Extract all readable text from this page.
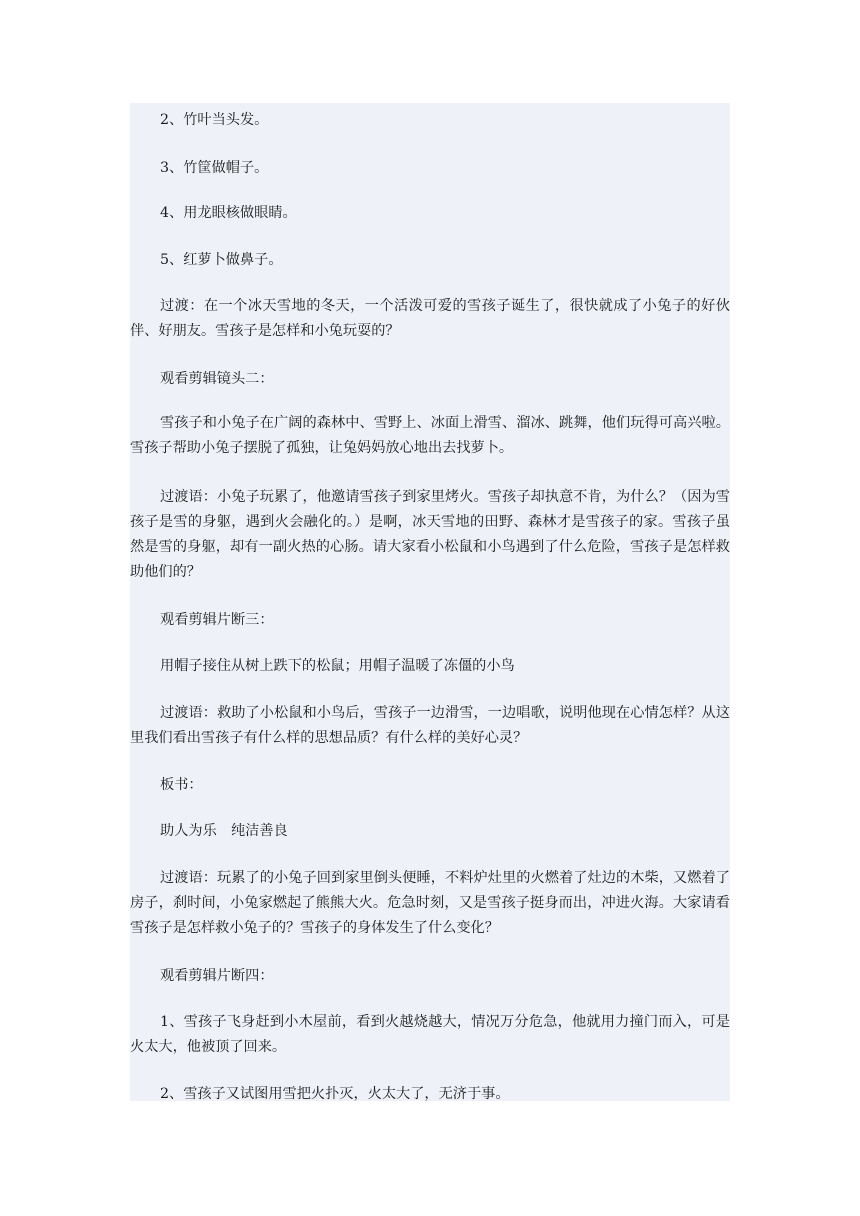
2、竹叶当头发。

3、竹筐做帽子。

4、用龙眼核做眼睛。

5、红萝卜做鼻子。

过渡：在一个冰天雪地的冬天，一个活泼可爱的雪孩子诞生了，很快就成了小兔子的好伙伴、好朋友。雪孩子是怎样和小兔玩耍的？

观看剪辑镜头二：

雪孩子和小兔子在广阔的森林中、雪野上、冰面上滑雪、溜冰、跳舞，他们玩得可高兴啦。雪孩子帮助小兔子摆脱了孤独，让兔妈妈放心地出去找萝卜。

过渡语：小兔子玩累了，他邀请雪孩子到家里烤火。雪孩子却执意不肯，为什么？（因为雪孩子是雪的身躯，遇到火会融化的。）是啊，冰天雪地的田野、森林才是雪孩子的家。雪孩子虽然是雪的身躯，却有一副火热的心肠。请大家看小松鼠和小鸟遇到了什么危险，雪孩子是怎样救助他们的？

观看剪辑片断三：

用帽子接住从树上跌下的松鼠；用帽子温暖了冻僵的小鸟

过渡语：救助了小松鼠和小鸟后，雪孩子一边滑雪，一边唱歌，说明他现在心情怎样？从这里我们看出雪孩子有什么样的思想品质？有什么样的美好心灵？

板书：

助人为乐　纯洁善良

过渡语：玩累了的小兔子回到家里倒头便睡，不料炉灶里的火燃着了灶边的木柴，又燃着了房子，刹时间，小兔家燃起了熊熊大火。危急时刻，又是雪孩子挺身而出，冲进火海。大家请看雪孩子是怎样救小兔子的？雪孩子的身体发生了什么变化？

观看剪辑片断四：

1、雪孩子飞身赶到小木屋前，看到火越烧越大，情况万分危急，他就用力撞门而入，可是火太大，他被顶了回来。

2、雪孩子又试图用雪把火扑灭，火太大了，无济于事。
